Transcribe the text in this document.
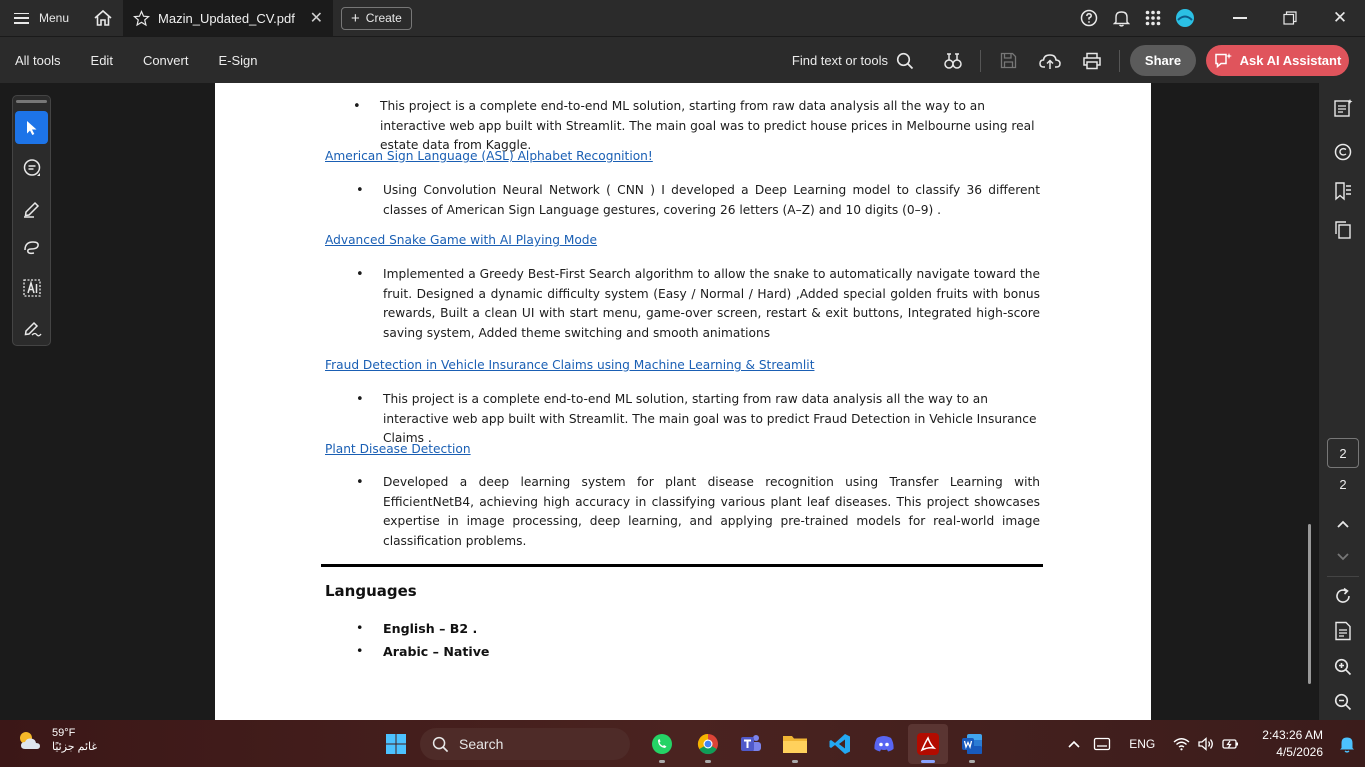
Menu	Mazin_Updated_CV.pdf ✕ + Create	✕
All tools	Edit	Convert	E-Sign	Find text or tools	Share	Ask AI Assistant
• This project is a complete end-to-end ML solution, starting from raw data analysis all the way to an interactive web app built with Streamlit. The main goal was to predict house prices in Melbourne using real estate data from Kaggle.
American Sign Language (ASL) Alphabet Recognition!
• Using Convolution Neural Network ( CNN ) I developed a Deep Learning model to classify 36 different classes of American Sign Language gestures, covering 26 letters (A–Z) and 10 digits (0–9) .
Advanced Snake Game with AI Playing Mode
• Implemented a Greedy Best-First Search algorithm to allow the snake to automatically navigate toward the fruit. Designed a dynamic difficulty system (Easy / Normal / Hard) ,Added special golden fruits with bonus rewards, Built a clean UI with start menu, game-over screen, restart & exit buttons, Integrated high-score saving system, Added theme switching and smooth animations
Fraud Detection in Vehicle Insurance Claims using Machine Learning & Streamlit
• This project is a complete end-to-end ML solution, starting from raw data analysis all the way to an interactive web app built with Streamlit. The main goal was to predict Fraud Detection in Vehicle Insurance Claims .
Plant Disease Detection
• Developed a deep learning system for plant disease recognition using Transfer Learning with EfficientNetB4, achieving high accuracy in classifying various plant leaf diseases. This project showcases expertise in image processing, deep learning, and applying pre-trained models for real-world image classification problems.
Languages
• English – B2 .
• Arabic – Native
2
2
59°F
غائم جزئيًا	Search	ENG
2:43:26 AM
4/5/2026
